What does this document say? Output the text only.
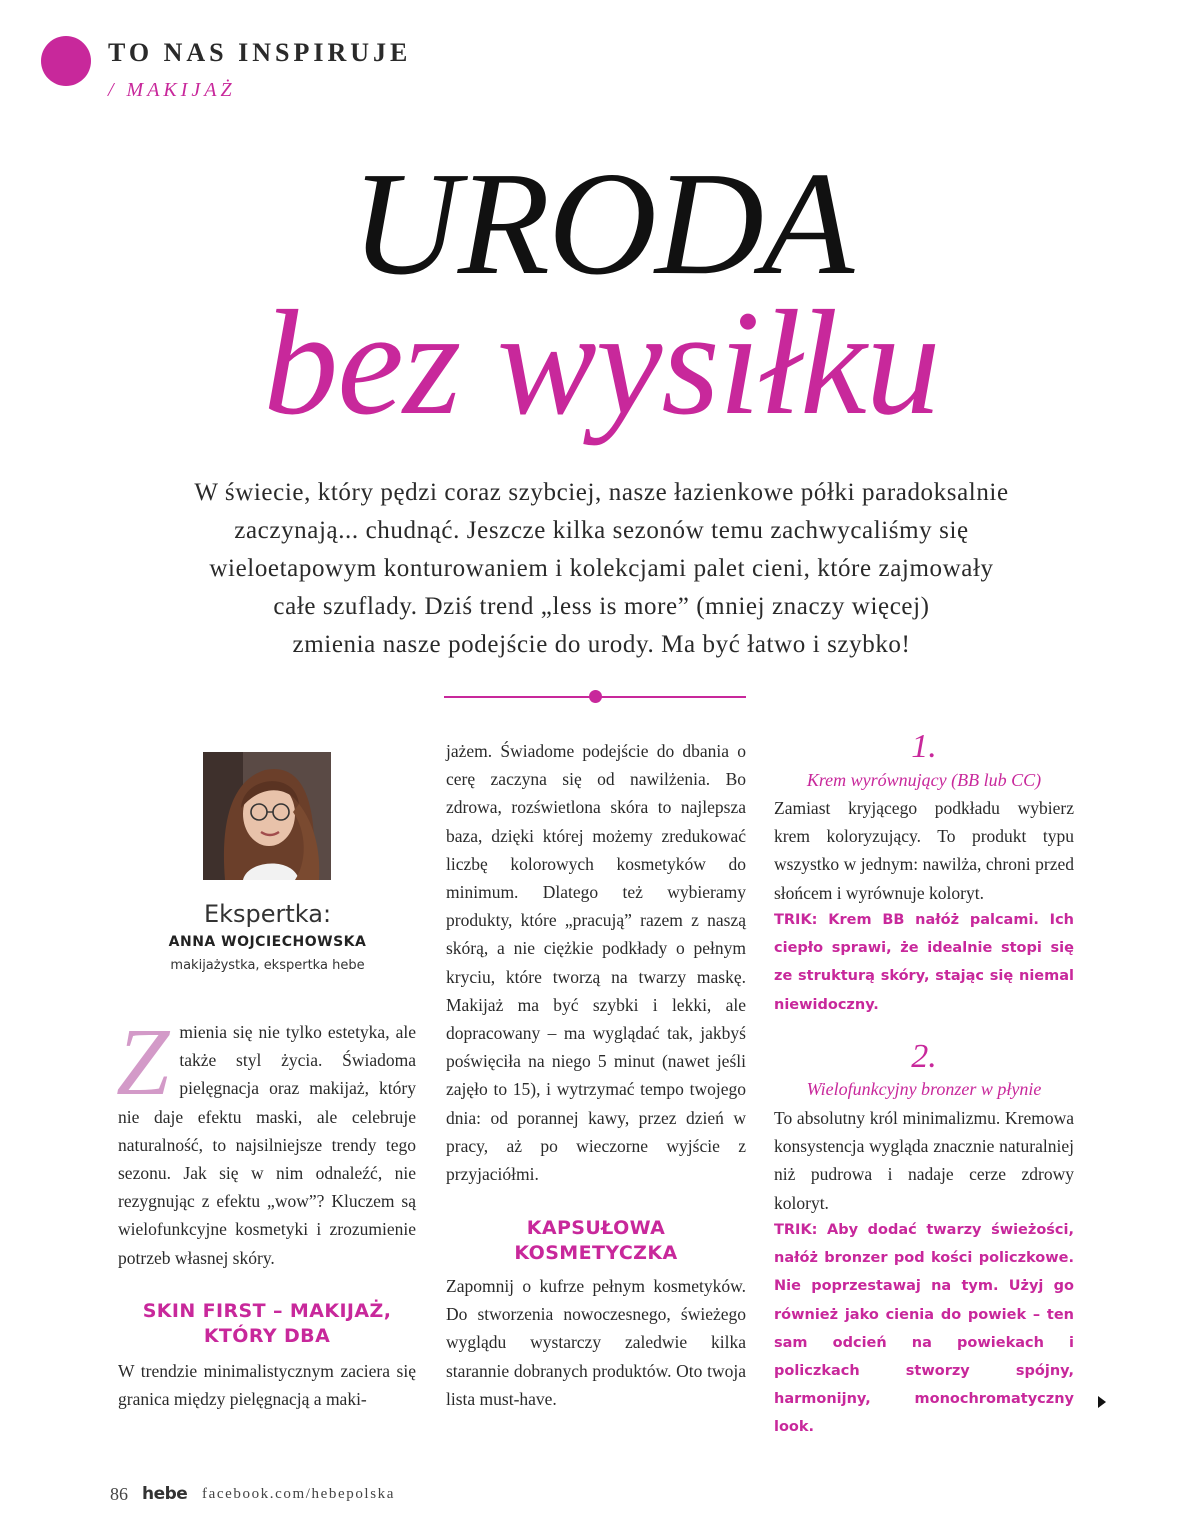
TO NAS INSPIRUJE
/ MAKIJAŻ
URODA
bez wysiłku
W świecie, który pędzi coraz szybciej, nasze łazienkowe półki paradoksalnie
zaczynają... chudnąć. Jeszcze kilka sezonów temu zachwycaliśmy się
wieloetapowym konturowaniem i kolekcjami palet cieni, które zajmowały
całe szuflady. Dziś trend „less is more” (mniej znaczy więcej)
zmienia nasze podejście do urody. Ma być łatwo i szybko!
Ekspertka:
ANNA WOJCIECHOWSKA
makijażystka, ekspertka hebe
Z mienia się nie tylko estetyka, ale także styl życia. Świadoma pielęgnacja oraz makijaż, który nie daje efektu maski, ale celebruje naturalność, to najsilniejsze trendy tego sezonu. Jak się w nim odnaleźć, nie rezygnując z efektu „wow”? Kluczem są wielofunkcyjne kosmetyki i zrozumienie potrzeb własnej skóry.

SKIN FIRST – MAKIJAŻ, KTÓRY DBA

W trendzie minimalistycznym zaciera się granica między pielęgnacją a maki-

jażem. Świadome podejście do dbania o cerę zaczyna się od nawilżenia. Bo zdrowa, rozświetlona skóra to najlepsza baza, dzięki której możemy zredukować liczbę kolorowych kosmetyków do minimum. Dlatego też wybieramy produkty, które „pracują” razem z naszą skórą, a nie ciężkie podkłady o pełnym kryciu, które tworzą na twarzy maskę. Makijaż ma być szybki i lekki, ale dopracowany – ma wyglądać tak, jakbyś poświęciła na niego 5 minut (nawet jeśli zajęło to 15), i wytrzymać tempo twojego dnia: od porannej kawy, przez dzień w pracy, aż po wieczorne wyjście z przyjaciółmi.

KAPSUŁOWA KOSMETYCZKA

Zapomnij o kufrze pełnym kosmetyków. Do stworzenia nowoczesnego, świeżego wyglądu wystarczy zaledwie kilka starannie dobranych produktów. Oto twoja lista must-have.

1.
Krem wyrównujący (BB lub CC)

Zamiast kryjącego podkładu wybierz krem koloryzujący. To produkt typu wszystko w jednym: nawilża, chroni przed słońcem i wyrównuje koloryt.

TRIK: Krem BB nałóż palcami. Ich ciepło sprawi, że idealnie stopi się ze strukturą skóry, stając się niemal niewidoczny.
2.
Wielofunkcyjny bronzer w płynie

To absolutny król minimalizmu. Kremowa konsystencja wygląda znacznie naturalniej niż pudrowa i nadaje cerze zdrowy koloryt.

TRIK: Aby dodać twarzy świeżości, nałóż bronzer pod kości policzkowe. Nie poprzestawaj na tym. Użyj go również jako cienia do powiek – ten sam odcień na powiekach i policzkach stworzy spójny, harmonijny, monochromatyczny look.
86 hebe facebook.com/hebepolska
